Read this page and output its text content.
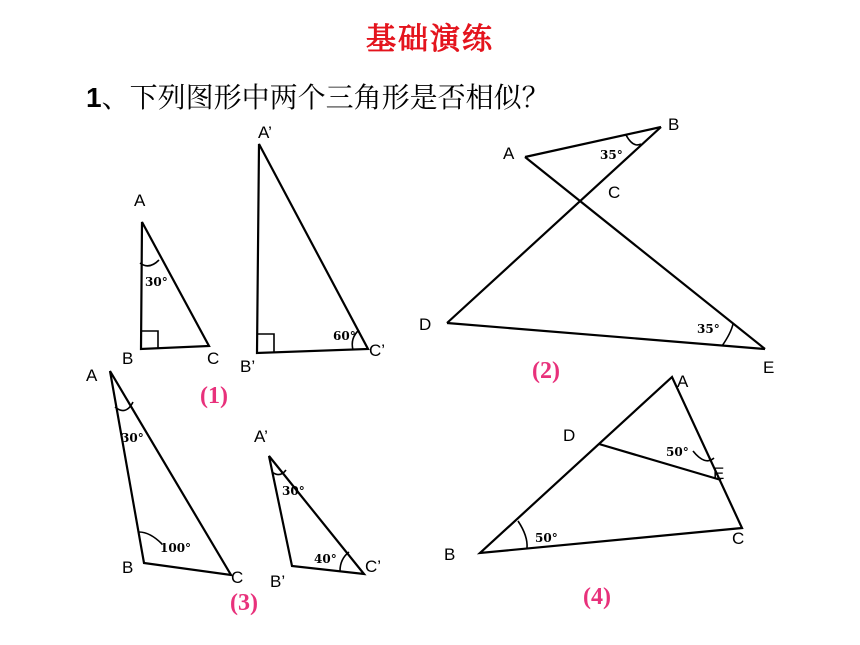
基础演练
1、下列图形中两个三角形是否相似？
30°
A
B	C
60°
A’
B’
C’
(1)
35°
35°
A
B
C
D
E
(2)
30°
100°
A
B
C
(3)
30°
40°
A’
B’
C’
50°
50°
A
B
C
D
E
(4)
